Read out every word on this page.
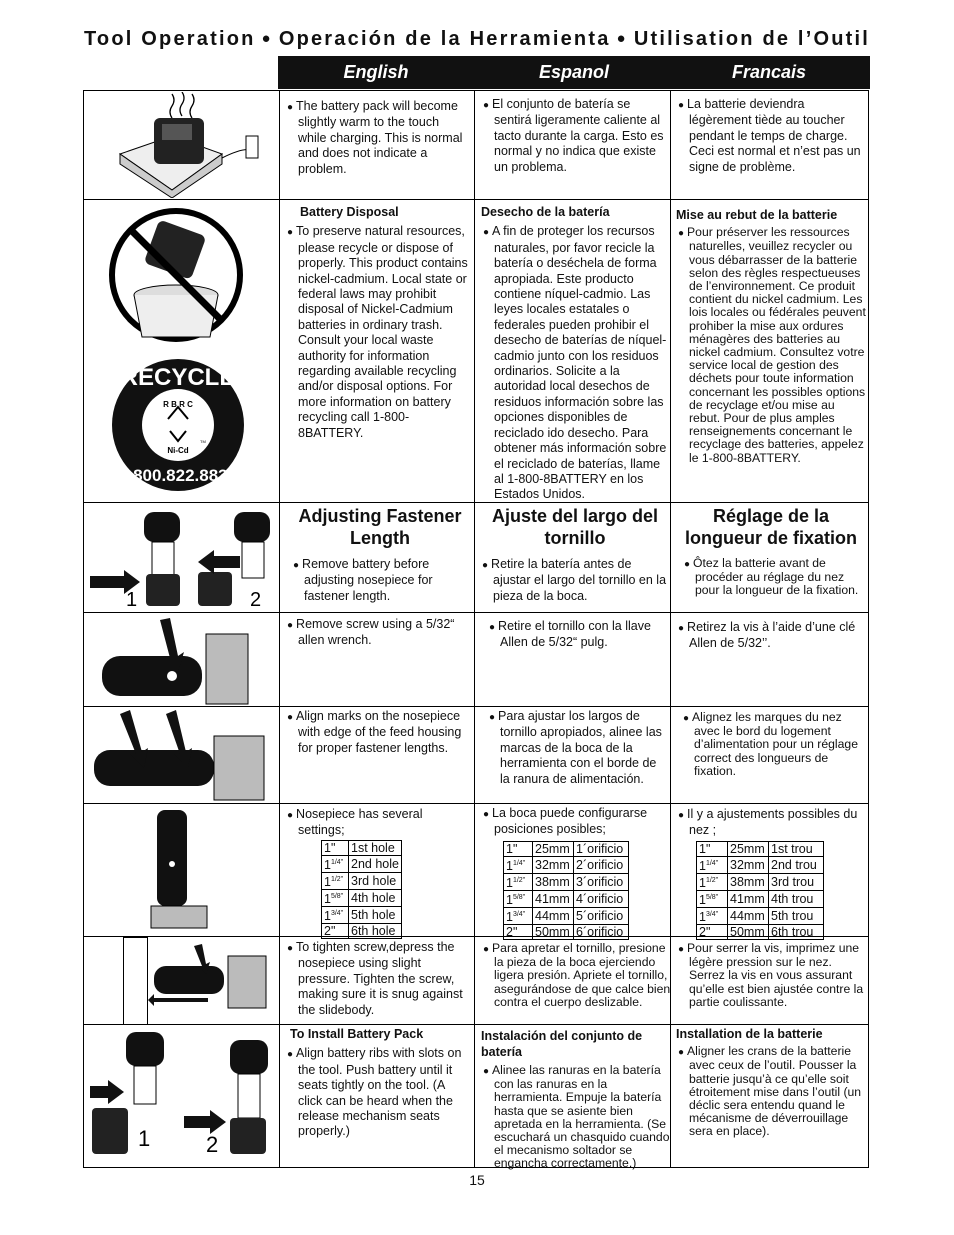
Tool Operation ● Operación de la Herramienta ● Utilisation de l’Outil
English	Espanol	Francais
● The battery pack will become slightly warm to the touch while charging. This is normal and does not indicate a problem.
● El conjunto de batería se sentirá ligeramente caliente al tacto durante la carga. Esto es normal y no indica que existe un problema.
● La batterie deviendra légèrement tiède au toucher pendant le temps de charge. Ceci est normal et n’est pas un signe de problème.
RECYCLE
R B R C
Ni-Cd
TM
1.800.822.8837
Battery Disposal
● To preserve natural resources, please recycle or dispose of properly. This product contains nickel-cadmium. Local state or federal laws may prohibit disposal of Nickel-Cadmium batteries in ordinary trash. Consult your local waste authority for information regarding available recycling and/or disposal options. For more information on battery recycling call 1-800-8BATTERY.
Desecho de la batería
● A fin de proteger los recursos naturales, por favor recicle la batería o deséchela de forma apropiada. Este producto contiene níquel-cadmio. Las leyes locales estatales o federales pueden prohibir el desecho de baterías de níquel-cadmio junto con los residuos ordinarios. Solicite a la autoridad local desechos de residuos información sobre las opciones disponibles de reciclado ido desecho. Para obtener más información sobre el reciclado de baterías, llame al 1-800-8BATTERY en los Estados Unidos.
Mise au rebut de la batterie
● Pour préserver les ressources naturelles, veuillez recycler ou vous débarrasser de la batterie selon des règles respectueuses de l’environnement. Ce produit contient du nickel cadmium. Les lois locales ou fédérales peuvent prohiber la mise aux ordures ménagères des batteries au nickel cadmium. Consultez votre service local de gestion des déchets pour toute information concernant les possibles options de recyclage et/ou mise au rebut. Pour de plus amples renseignements concernant le recyclage des batteries, appelez le 1-800-8BATTERY.
1	2
Adjusting Fastener Length
● Remove battery before adjusting nosepiece for fastener length.
Ajuste del largo del tornillo
● Retire la batería antes de ajustar el largo del tornillo en la pieza de la boca.
Réglage de la longueur de fixation
● Ôtez la batterie avant de procéder au réglage du nez pour la longueur de la fixation.
● Remove screw using a 5/32“ allen wrench.
● Retire el tornillo con la llave Allen de 5/32“ pulg.
● Retirez la vis à l’aide d’une clé Allen de 5/32’’.
● Align marks on the nosepiece with edge of the feed housing for proper fastener lengths.
● Para ajustar los largos de tornillo apropiados, alinee las marcas de la boca de la herramienta con el borde de la ranura de alimentación.
● Alignez les marques du nez avec le bord du logement d’alimentation pour un réglage correct des longueurs de fixation.
● Nosepiece has several settings;
1"	1st hole
$1^{1/4"}$	2nd hole
$1^{1/2"}$	3rd hole
$1^{5/8"}$	4th hole
$1^{3/4"}$	5th hole
2"	6th hole
● La boca puede configurarse posiciones posibles;
1"	25mm	1´orificio
$1^{1/4"}$	32mm	2´orificio
$1^{1/2"}$	38mm	3´orificio
$1^{5/8"}$	41mm	4´orificio
$1^{3/4"}$	44mm	5´orificio
2"	50mm	6´orificio
● Il y a ajustements possibles du nez ;
1"	25mm	1st trou
$1^{1/4"}$	32mm	2nd trou
$1^{1/2"}$	38mm	3rd trou
$1^{5/8"}$	41mm	4th trou
$1^{3/4"}$	44mm	5th trou
2"	50mm	6th trou
● To tighten screw,depress the nosepiece using slight pressure. Tighten the screw, making sure it is snug against the slidebody.
● Para apretar el tornillo, presione la pieza de la boca ejerciendo ligera presión. Apriete el tornillo, asegurándose de que calce bien contra el cuerpo deslizable.
● Pour serrer la vis, imprimez une légère pression sur le nez. Serrez la vis en vous assurant qu’elle est bien ajustée contre la partie coulissante.
1	2
To Install Battery Pack
● Align battery ribs with slots on the tool. Push battery until it seats tightly on the tool. (A click can be heard when the release mechanism seats properly.)
Instalación del conjunto de batería
● Alinee las ranuras en la batería con las ranuras en la herramienta. Empuje la batería hasta que se asiente bien apretada en la herramienta. (Se escuchará un chasquido cuando el mecanismo soltador se engancha correctamente.)
Installation de la batterie
● Aligner les crans de la batterie avec ceux de l’outil. Pousser la batterie jusqu’à ce qu’elle soit étroitement mise dans l’outil (un déclic sera entendu quand le mécanisme de déverrouillage sera en place).
15
